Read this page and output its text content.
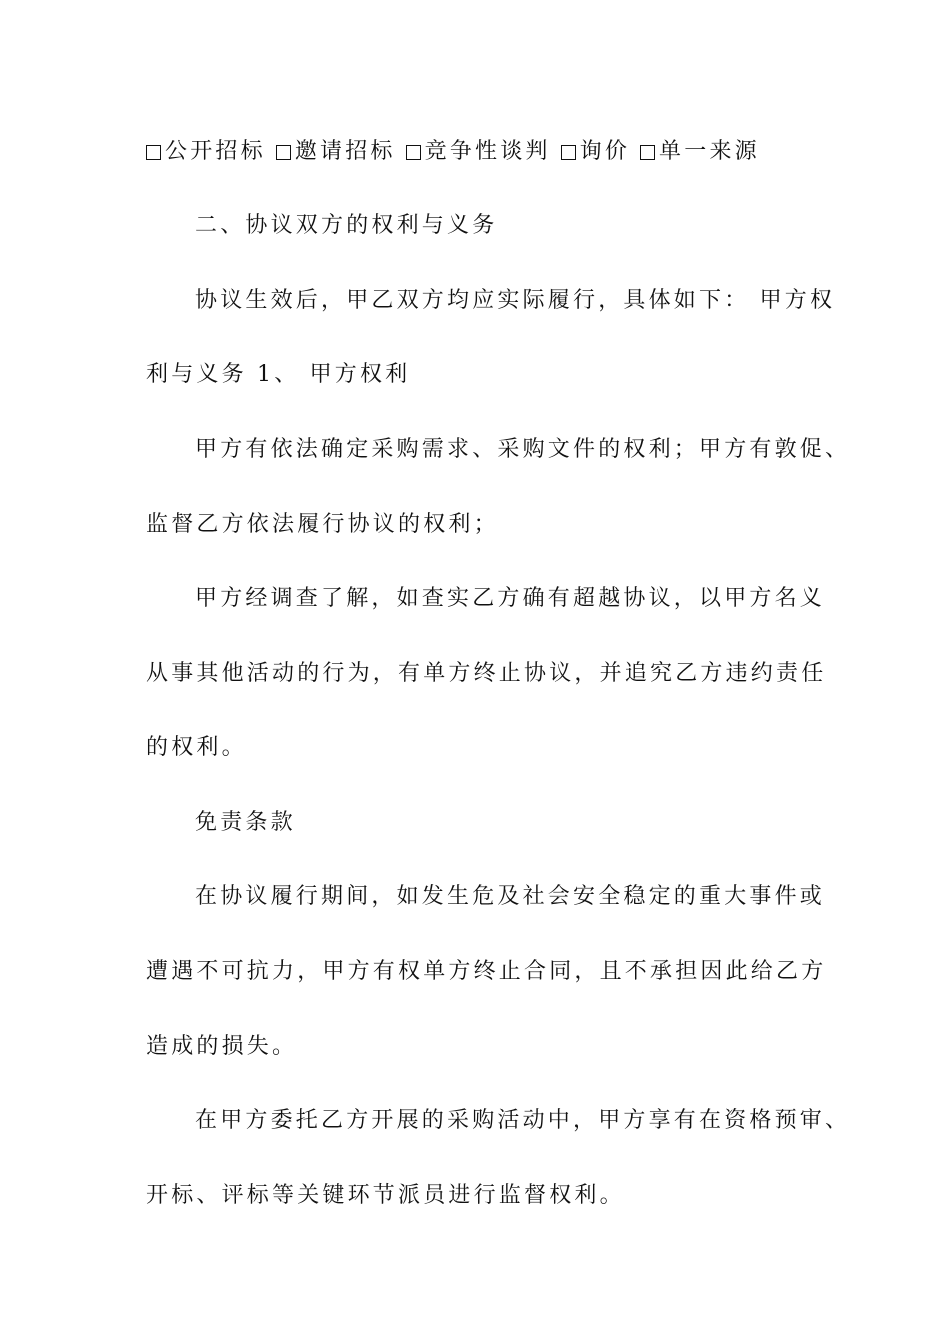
公开招标 邀请招标 竞争性谈判 询价 单一来源
二、协议双方的权利与义务
协议生效后，甲乙双方均应实际履行，具体如下： 甲方权
利与义务 1、 甲方权利
甲方有依法确定采购需求、采购文件的权利；甲方有敦促、
监督乙方依法履行协议的权利；
甲方经调查了解，如查实乙方确有超越协议，以甲方名义
从事其他活动的行为，有单方终止协议，并追究乙方违约责任
的权利。
免责条款
在协议履行期间，如发生危及社会安全稳定的重大事件或
遭遇不可抗力，甲方有权单方终止合同，且不承担因此给乙方
造成的损失。
在甲方委托乙方开展的采购活动中，甲方享有在资格预审、
开标、评标等关键环节派员进行监督权利。
